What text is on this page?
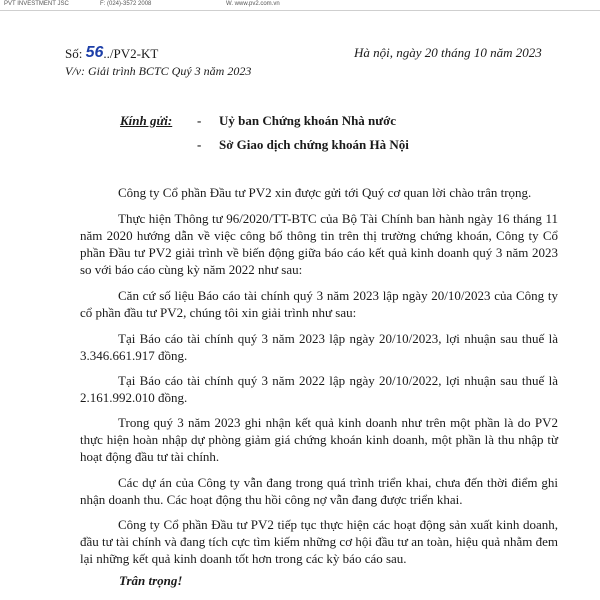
PVT INVESTMENT JSC	F: (024)-3572 2008	W. www.pv2.com.vn
Số: 56../PV2-KT	Hà nội, ngày 20 tháng 10 năm 2023
V/v: Giải trình BCTC Quý 3 năm 2023
Kính gửi: - Uỷ ban Chứng khoán Nhà nước
- Sở Giao dịch chứng khoán Hà Nội

Công ty Cổ phần Đầu tư PV2 xin được gửi tới Quý cơ quan lời chào trân trọng.

Thực hiện Thông tư 96/2020/TT-BTC của Bộ Tài Chính ban hành ngày 16 tháng 11 năm 2020 hướng dẫn về việc công bố thông tin trên thị trường chứng khoán, Công ty Cổ phần Đầu tư PV2 giải trình về biến động giữa báo cáo kết quả kinh doanh quý 3 năm 2023 so với báo cáo cùng kỳ năm 2022 như sau:

Căn cứ số liệu Báo cáo tài chính quý 3 năm 2023 lập ngày 20/10/2023 của Công ty cổ phần đầu tư PV2, chúng tôi xin giải trình như sau:

Tại Báo cáo tài chính quý 3 năm 2023 lập ngày 20/10/2023, lợi nhuận sau thuế là 3.346.661.917 đồng.

Tại Báo cáo tài chính quý 3 năm 2022 lập ngày 20/10/2022, lợi nhuận sau thuế là 2.161.992.010 đồng.

Trong quý 3 năm 2023 ghi nhận kết quả kinh doanh như trên một phần là do PV2 thực hiện hoàn nhập dự phòng giảm giá chứng khoán kinh doanh, một phần là thu nhập từ hoạt động đầu tư tài chính.

Các dự án của Công ty vẫn đang trong quá trình triển khai, chưa đến thời điểm ghi nhận doanh thu. Các hoạt động thu hồi công nợ vẫn đang được triển khai.

Công ty Cổ phần Đầu tư PV2 tiếp tục thực hiện các hoạt động sản xuất kinh doanh, đầu tư tài chính và đang tích cực tìm kiếm những cơ hội đầu tư an toàn, hiệu quả nhằm đem lại những kết quả kinh doanh tốt hơn trong các kỳ báo cáo sau.

Trân trọng!
